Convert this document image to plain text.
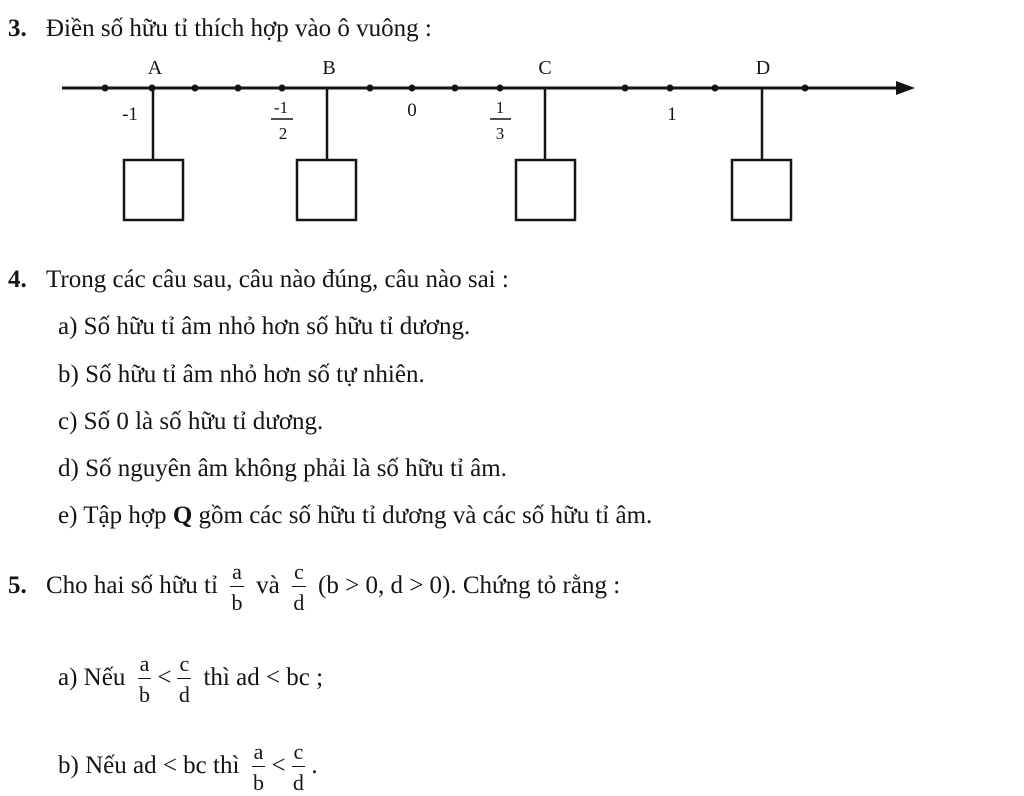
3. Điền số hữu tỉ thích hợp vào ô vuông :
A	B	C	D
-1	-1
2
0	1
3
1
4. Trong các câu sau, câu nào đúng, câu nào sai :
a) Số hữu tỉ âm nhỏ hơn số hữu tỉ dương.
b) Số hữu tỉ âm nhỏ hơn số tự nhiên.
c) Số 0 là số hữu tỉ dương.
d) Số nguyên âm không phải là số hữu tỉ âm.
e) Tập hợp Q gồm các số hữu tỉ dương và các số hữu tỉ âm.
5. Cho hai số hữu tỉ $\frac{a}{b}$ và $\frac{c}{d} (b > 0$, d > 0). Chứng tỏ rằng :
a) Nếu $\frac{a}{b} < \frac{c}{d}$ thì ad < bc ;
b) Nếu ad < bc thì $\frac{a}{b} < \frac{c}{d}$ .
